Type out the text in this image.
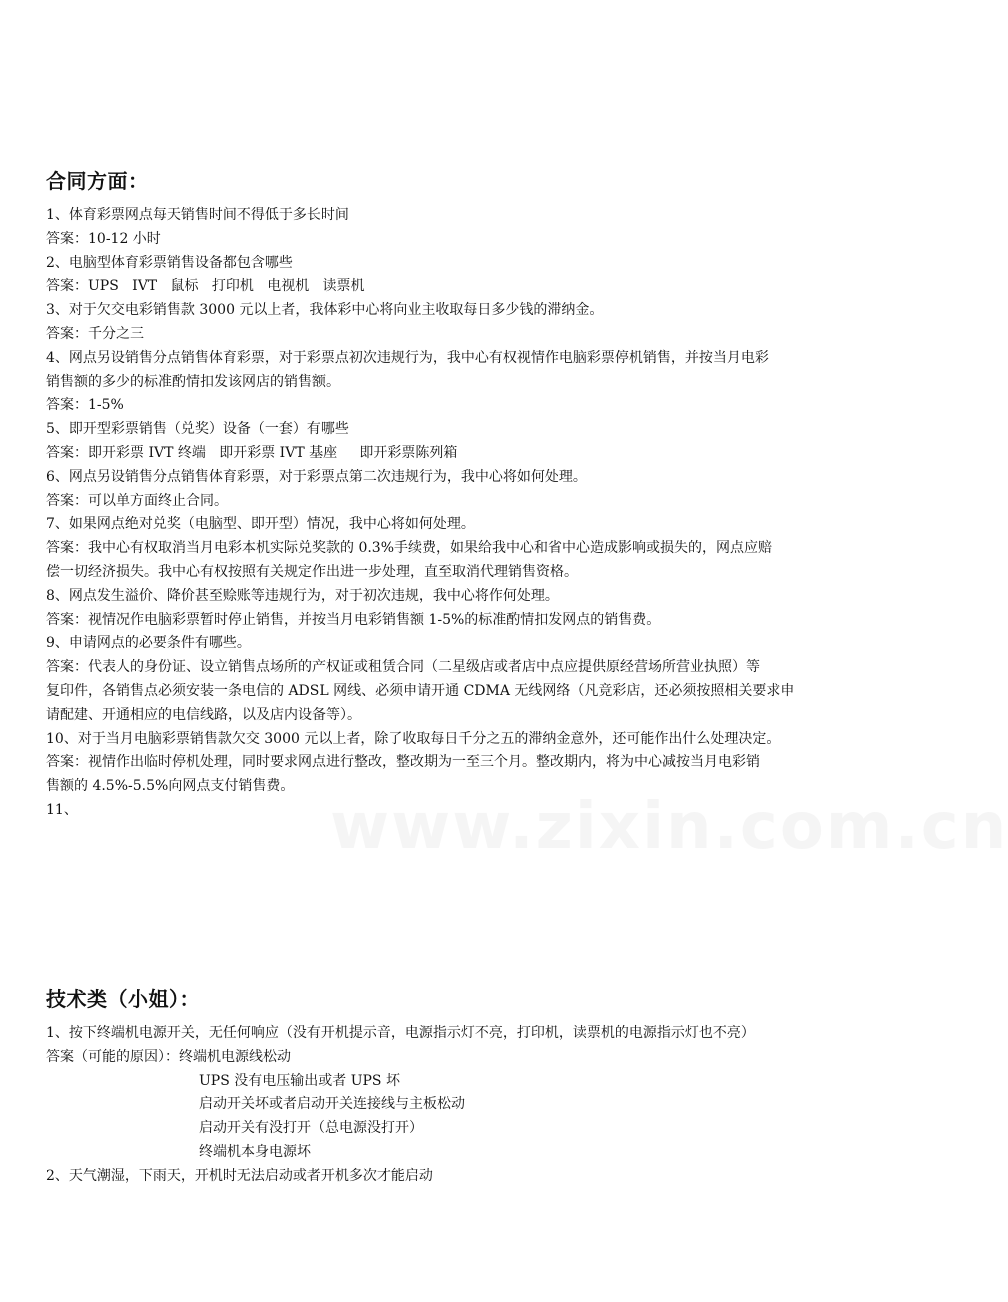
www.zixin.com.cn
合同方面：

1、体育彩票网点每天销售时间不得低于多长时间

答案：10-12 小时

2、电脑型体育彩票销售设备都包含哪些

答案：UPS   IVT   鼠标   打印机   电视机   读票机

3、对于欠交电彩销售款 3000 元以上者，我体彩中心将向业主收取每日多少钱的滞纳金。

答案：千分之三

4、网点另设销售分点销售体育彩票，对于彩票点初次违规行为，我中心有权视情作电脑彩票停机销售，并按当月电彩

销售额的多少的标准酌情扣发该网店的销售额。

答案：1-5%

5、即开型彩票销售（兑奖）设备（一套）有哪些

答案：即开彩票 IVT 终端   即开彩票 IVT 基座     即开彩票陈列箱

6、网点另设销售分点销售体育彩票，对于彩票点第二次违规行为，我中心将如何处理。

答案：可以单方面终止合同。

7、如果网点绝对兑奖（电脑型、即开型）情况，我中心将如何处理。

答案：我中心有权取消当月电彩本机实际兑奖款的 0.3%手续费，如果给我中心和省中心造成影响或损失的，网点应赔

偿一切经济损失。我中心有权按照有关规定作出进一步处理，直至取消代理销售资格。

8、网点发生溢价、降价甚至赊账等违规行为，对于初次违规，我中心将作何处理。

答案：视情况作电脑彩票暂时停止销售，并按当月电彩销售额 1-5%的标准酌情扣发网点的销售费。

9、申请网点的必要条件有哪些。

答案：代表人的身份证、设立销售点场所的产权证或租赁合同（二星级店或者店中点应提供原经营场所营业执照）等

复印件，各销售点必须安装一条电信的 ADSL 网线、必须申请开通 CDMA 无线网络（凡竞彩店，还必须按照相关要求申

请配建、开通相应的电信线路，以及店内设备等）。

10、对于当月电脑彩票销售款欠交 3000 元以上者，除了收取每日千分之五的滞纳金意外，还可能作出什么处理决定。

答案：视情作出临时停机处理，同时要求网点进行整改，整改期为一至三个月。整改期内，将为中心减按当月电彩销

售额的 4.5%-5.5%向网点支付销售费。

11、

技术类（小姐）：

1、按下终端机电源开关，无任何响应（没有开机提示音，电源指示灯不亮，打印机，读票机的电源指示灯也不亮）

答案（可能的原因）：终端机电源线松动

UPS 没有电压输出或者 UPS 坏

启动开关坏或者启动开关连接线与主板松动

启动开关有没打开（总电源没打开）

终端机本身电源坏

2、天气潮湿，下雨天，开机时无法启动或者开机多次才能启动
